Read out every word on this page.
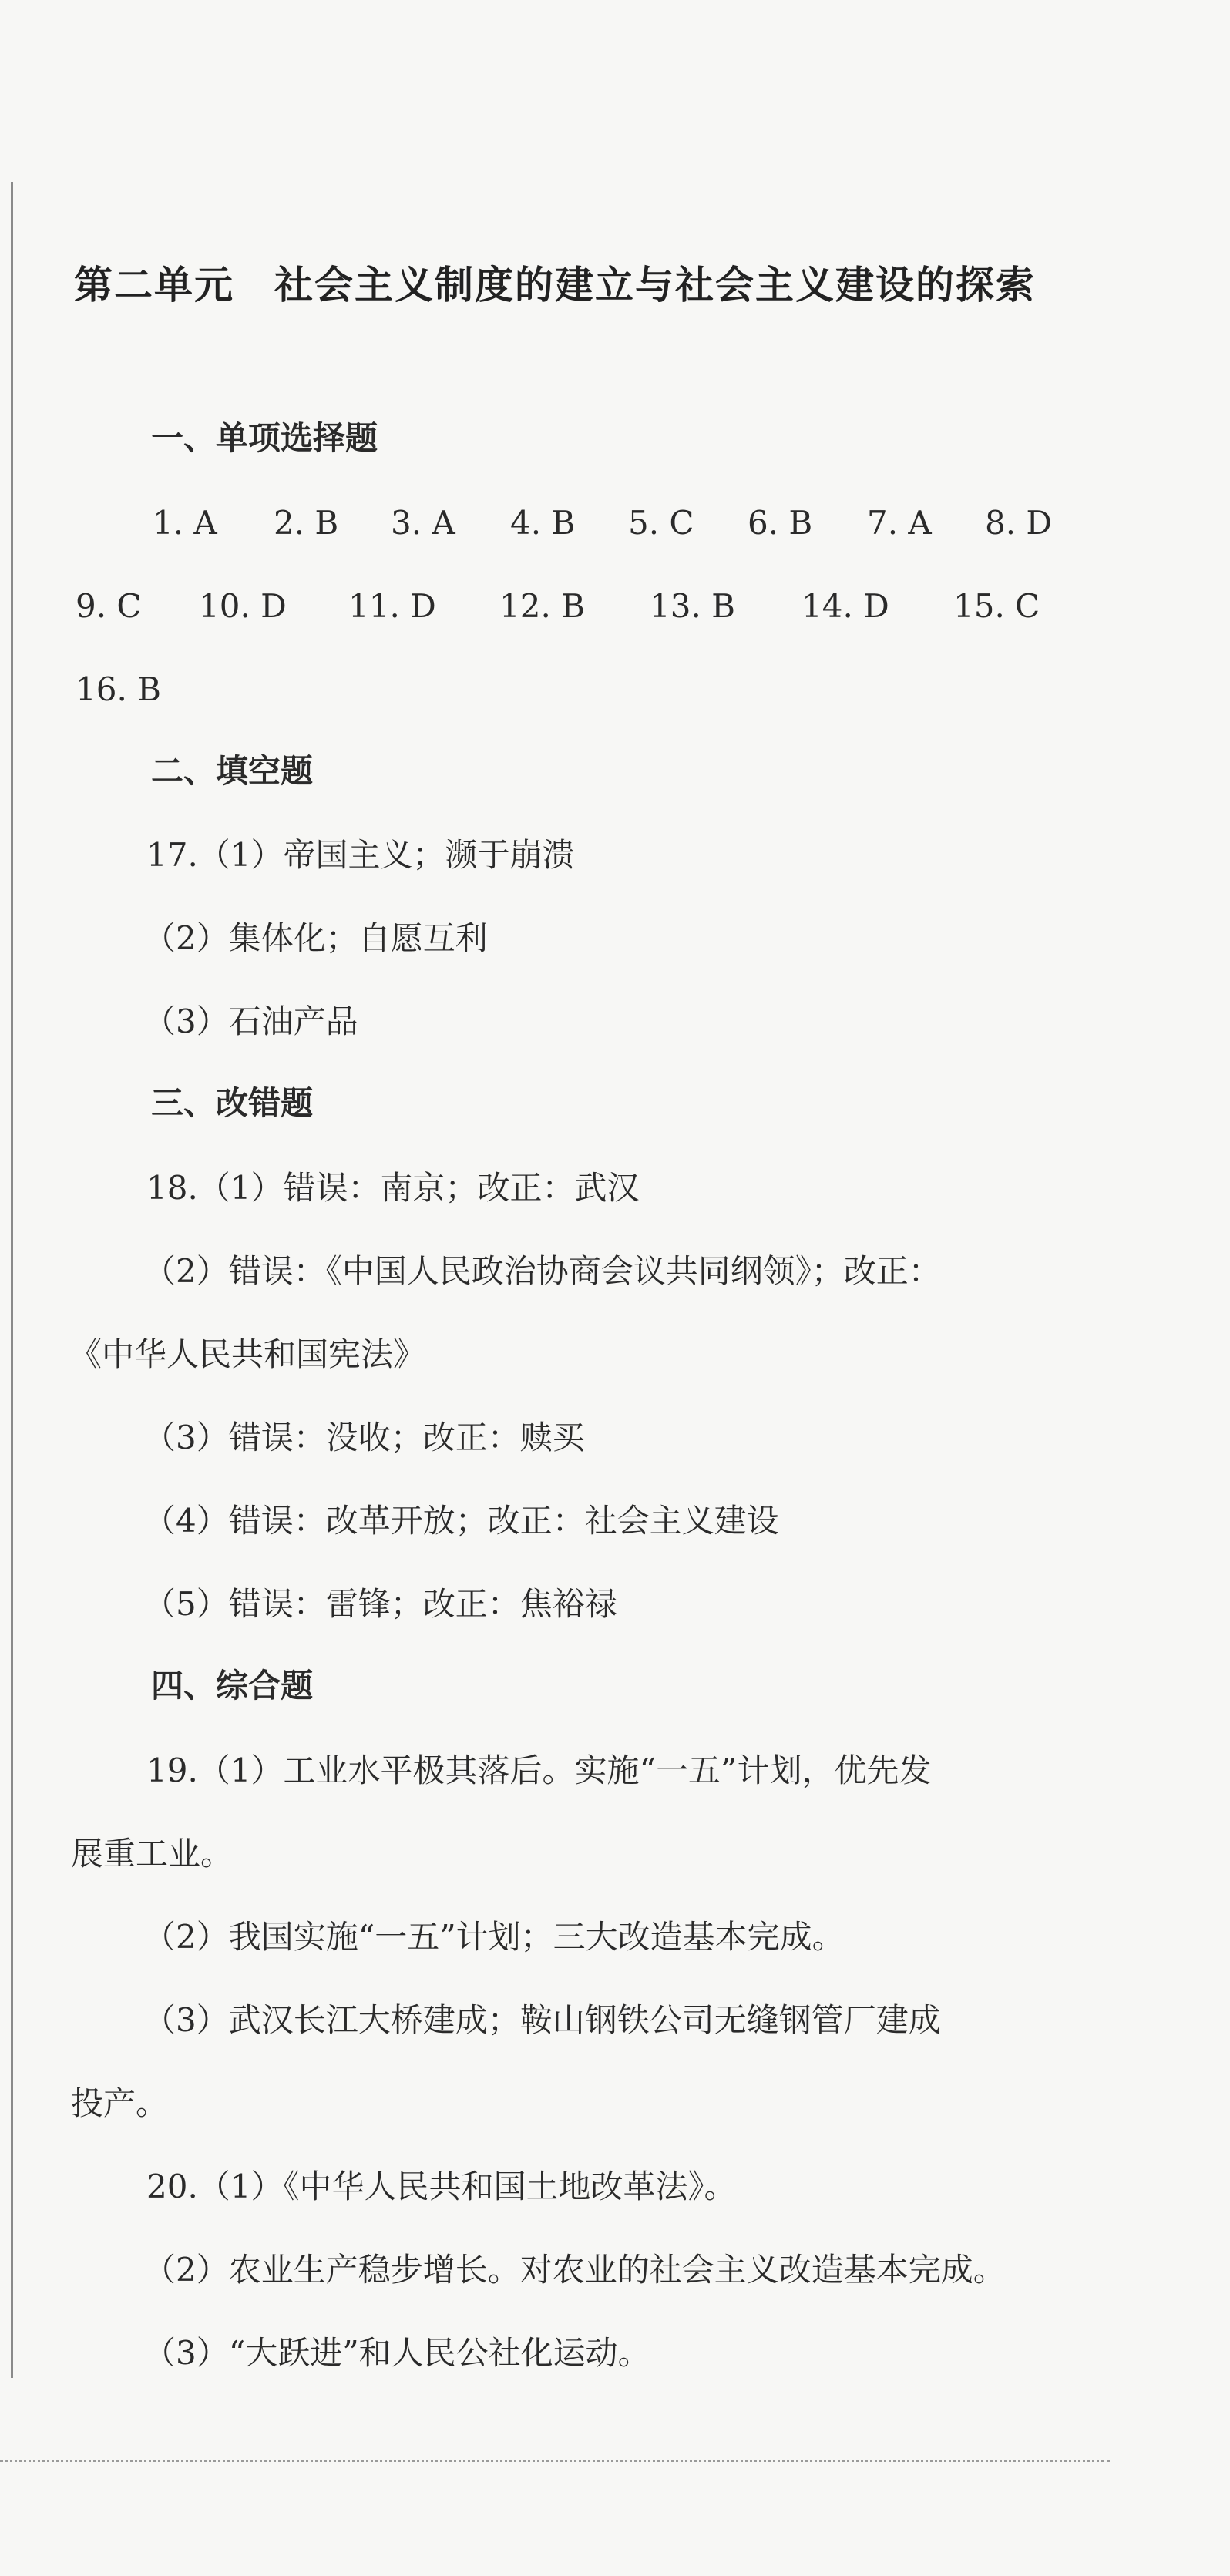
第二单元　社会主义制度的建立与社会主义建设的探索
一、单项选择题
1. A 2. B 3. A 4. B 5. C 6. B 7. A 8. D
9. C 10. D 11. D 12. B 13. B 14. D 15. C
16. B
二、填空题
17.（1）帝国主义；濒于崩溃
（2）集体化；自愿互利
（3）石油产品
三、改错题
18.（1）错误：南京；改正：武汉
（2）错误：《中国人民政治协商会议共同纲领》；改正：
《中华人民共和国宪法》
（3）错误：没收；改正：赎买
（4）错误：改革开放；改正：社会主义建设
（5）错误：雷锋；改正：焦裕禄
四、综合题
19.（1）工业水平极其落后。实施“一五”计划，优先发
展重工业。
（2）我国实施“一五”计划；三大改造基本完成。
（3）武汉长江大桥建成；鞍山钢铁公司无缝钢管厂建成
投产。
20.（1）《中华人民共和国土地改革法》。
（2）农业生产稳步增长。对农业的社会主义改造基本完成。
（3）“大跃进”和人民公社化运动。
